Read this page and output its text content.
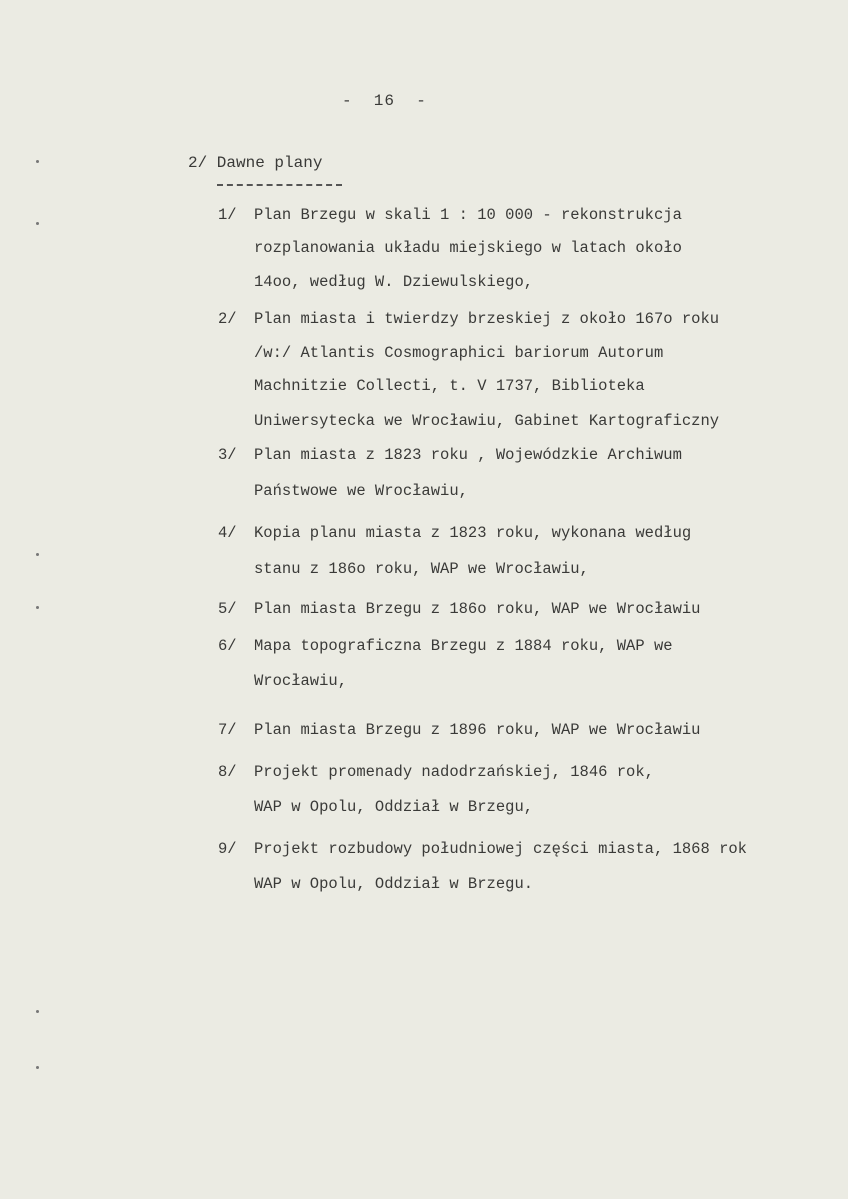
-  16  -
2/ Dawne plany
1/ Plan Brzegu w skali 1 : 10 000 - rekonstrukcja
rozplanowania układu miejskiego w latach około
14oo, według W. Dziewulskiego,
2/ Plan miasta i twierdzy brzeskiej z około 167o roku
/w:/ Atlantis Cosmographici bariorum Autorum
Machnitzie Collecti, t. V 1737, Biblioteka
Uniwersytecka we Wrocławiu, Gabinet Kartograficzny
3/ Plan miasta z 1823 roku , Wojewódzkie Archiwum
Państwowe we Wrocławiu,
4/ Kopia planu miasta z 1823 roku, wykonana według
stanu z 186o roku, WAP we Wrocławiu,
5/ Plan miasta Brzegu z 186o roku, WAP we Wrocławiu
6/ Mapa topograficzna Brzegu z 1884 roku, WAP we
Wrocławiu,
7/ Plan miasta Brzegu z 1896 roku, WAP we Wrocławiu
8/ Projekt promenady nadodrzańskiej, 1846 rok,
WAP w Opolu, Oddział w Brzegu,
9/ Projekt rozbudowy południowej części miasta, 1868 rok
WAP w Opolu, Oddział w Brzegu.
